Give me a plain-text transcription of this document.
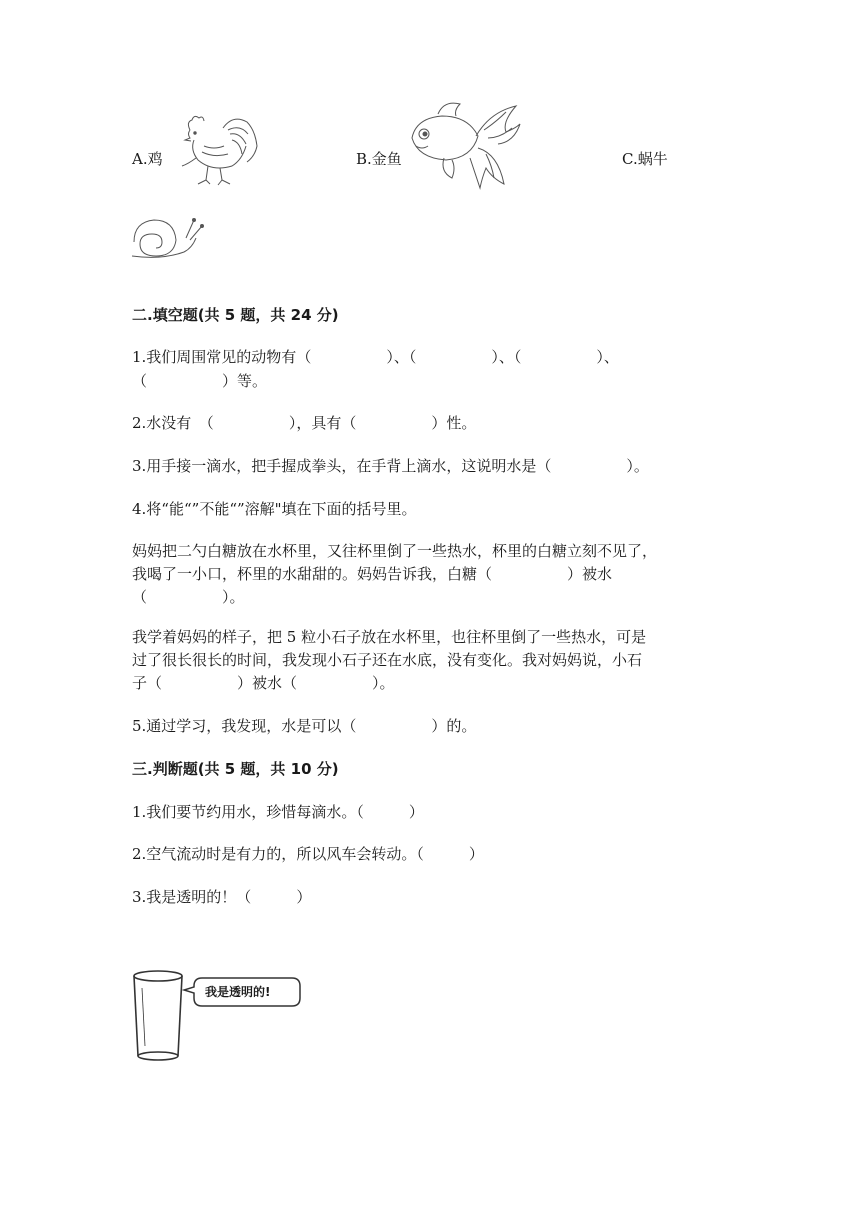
A.鸡	B.金鱼	C.蜗牛
二.填空题(共 5 题，共 24 分)
1.我们周围常见的动物有（　　　　　）、（　　　　　）、（　　　　　）、
（　　　　　）等。
2.水没有　（　　　　　），具有（　　　　　）性。
3.用手接一滴水，把手握成拳头，在手背上滴水，这说明水是（　　　　　）。
4.将“能“”不能“”溶解"填在下面的括号里。
妈妈把二勺白糖放在水杯里，又往杯里倒了一些热水，杯里的白糖立刻不见了，
我喝了一小口，杯里的水甜甜的。妈妈告诉我，白糖（　　　　　）被水
（　　　　　）。
我学着妈妈的样子，把 5 粒小石子放在水杯里，也往杯里倒了一些热水，可是
过了很长很长的时间，我发现小石子还在水底，没有变化。我对妈妈说，小石
子（　　　　　）被水（　　　　　）。
5.通过学习，我发现，水是可以（　　　　　）的。
三.判断题(共 5 题，共 10 分)
1.我们要节约用水，珍惜每滴水。（　　　）
2.空气流动时是有力的，所以风车会转动。（　　　）
3.我是透明的！（　　　）
我是透明的!
